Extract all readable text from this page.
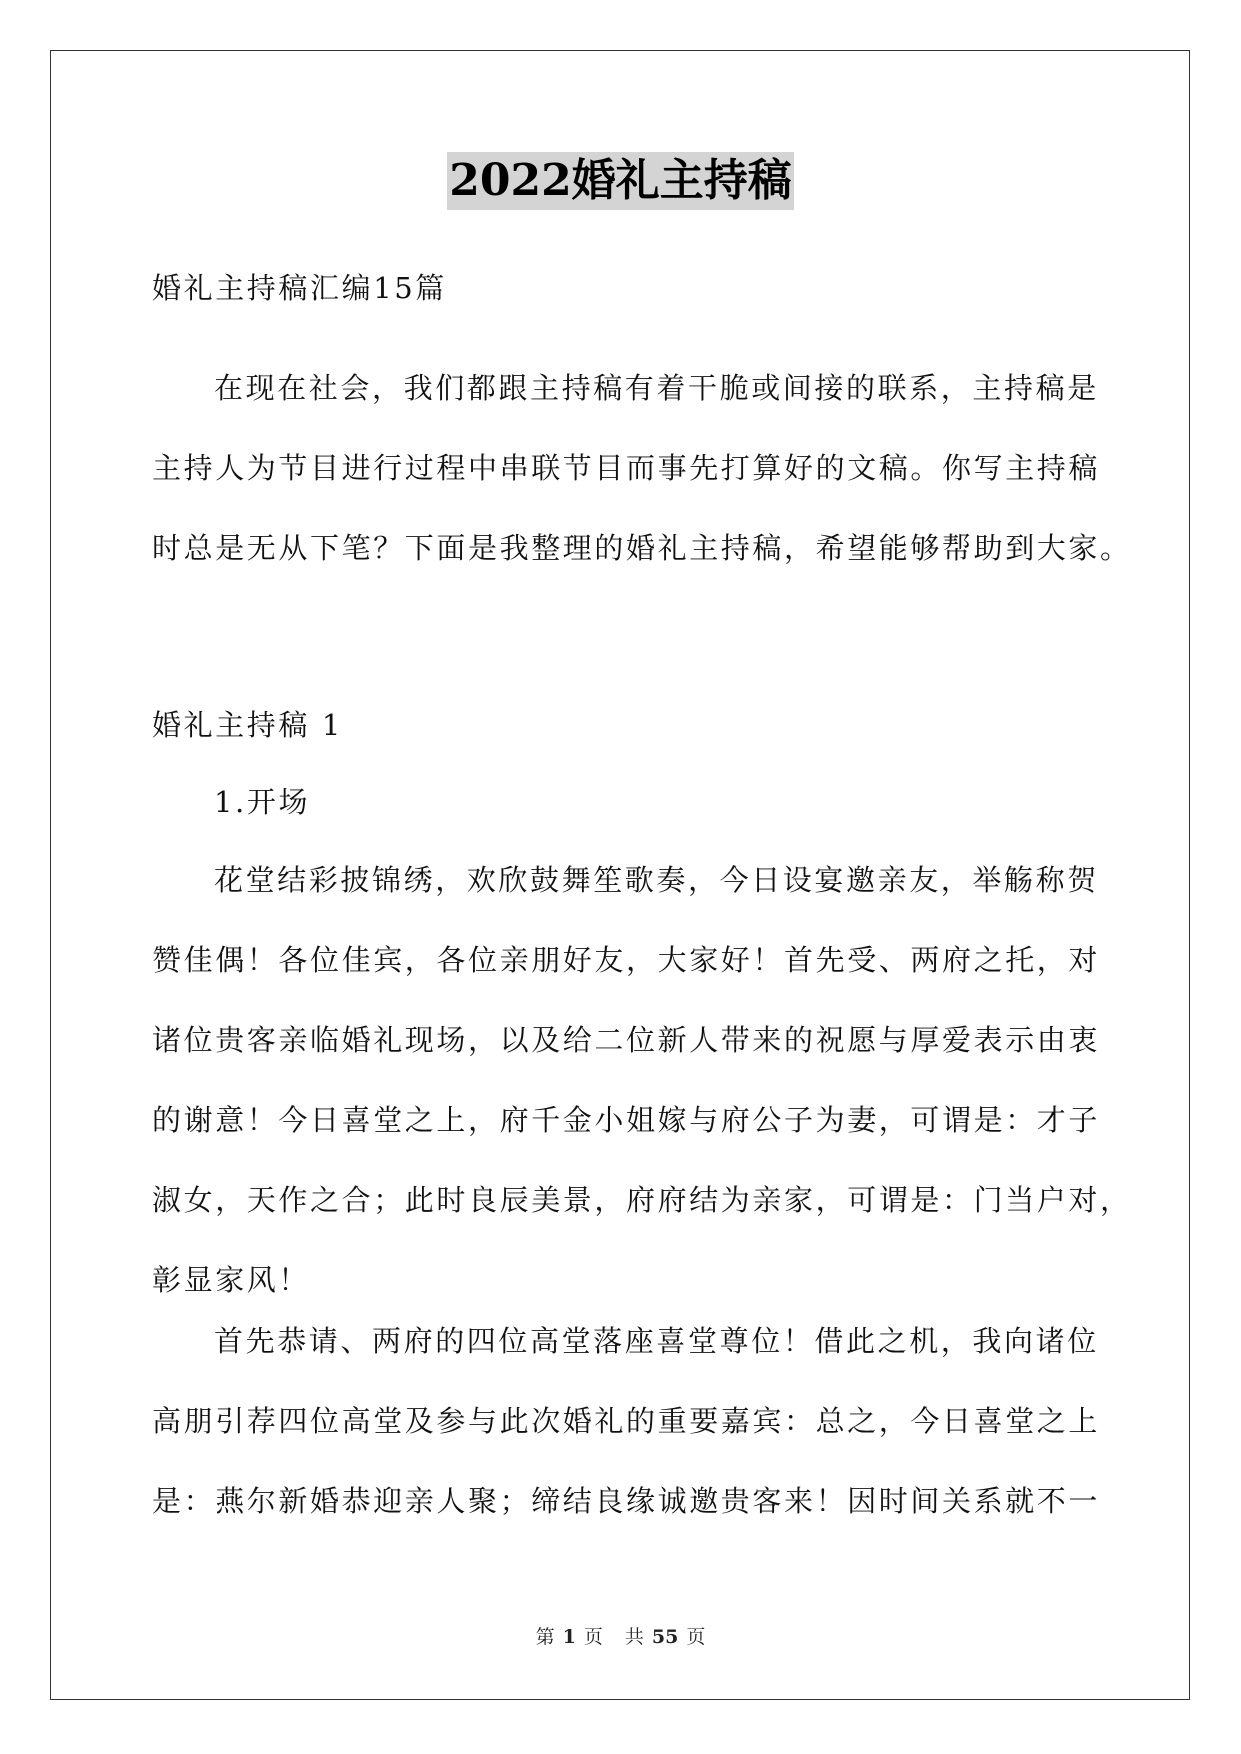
2022婚礼主持稿

婚礼主持稿汇编15篇

在现在社会，我们都跟主持稿有着干脆或间接的联系，主持稿是
主持人为节目进行过程中串联节目而事先打算好的文稿。你写主持稿
时总是无从下笔？下面是我整理的婚礼主持稿，希望能够帮助到大家。

婚礼主持稿 1

1.开场

花堂结彩披锦绣，欢欣鼓舞笙歌奏，今日设宴邀亲友，举觞称贺
赞佳偶！各位佳宾，各位亲朋好友，大家好！首先受、两府之托，对
诸位贵客亲临婚礼现场，以及给二位新人带来的祝愿与厚爱表示由衷
的谢意！今日喜堂之上，府千金小姐嫁与府公子为妻，可谓是：才子
淑女，天作之合；此时良辰美景，府府结为亲家，可谓是：门当户对，
彰显家风！

首先恭请、两府的四位高堂落座喜堂尊位！借此之机，我向诸位
高朋引荐四位高堂及参与此次婚礼的重要嘉宾：总之，今日喜堂之上
是：燕尔新婚恭迎亲人聚；缔结良缘诚邀贵客来！因时间关系就不一

第 1 页 共 55 页
